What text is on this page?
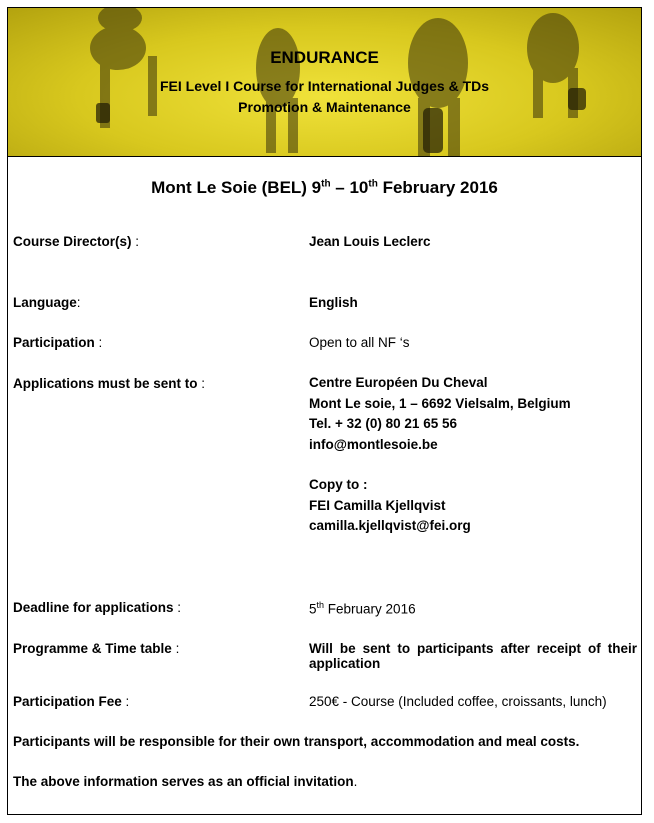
ENDURANCE
FEI Level I Course for International Judges & TDs
Promotion & Maintenance
Mont Le Soie (BEL) 9th – 10th February 2016
Course Director(s) :	Jean Louis Leclerc
Language:	English
Participation :	Open to all NF ‘s
Applications must be sent to :	Centre Européen Du Cheval
Mont Le soie, 1 – 6692 Vielsalm, Belgium
Tel. + 32 (0) 80 21 65 56
info@montlesoie.be
Copy to :
FEI Camilla Kjellqvist
camilla.kjellqvist@fei.org
Deadline for applications :	5th February 2016
Programme & Time table :	Will be sent to participants after receipt of their application
Participation Fee :	250€ - Course (Included coffee, croissants, lunch)
Participants will be responsible for their own transport, accommodation and meal costs.
The above information serves as an official invitation.
